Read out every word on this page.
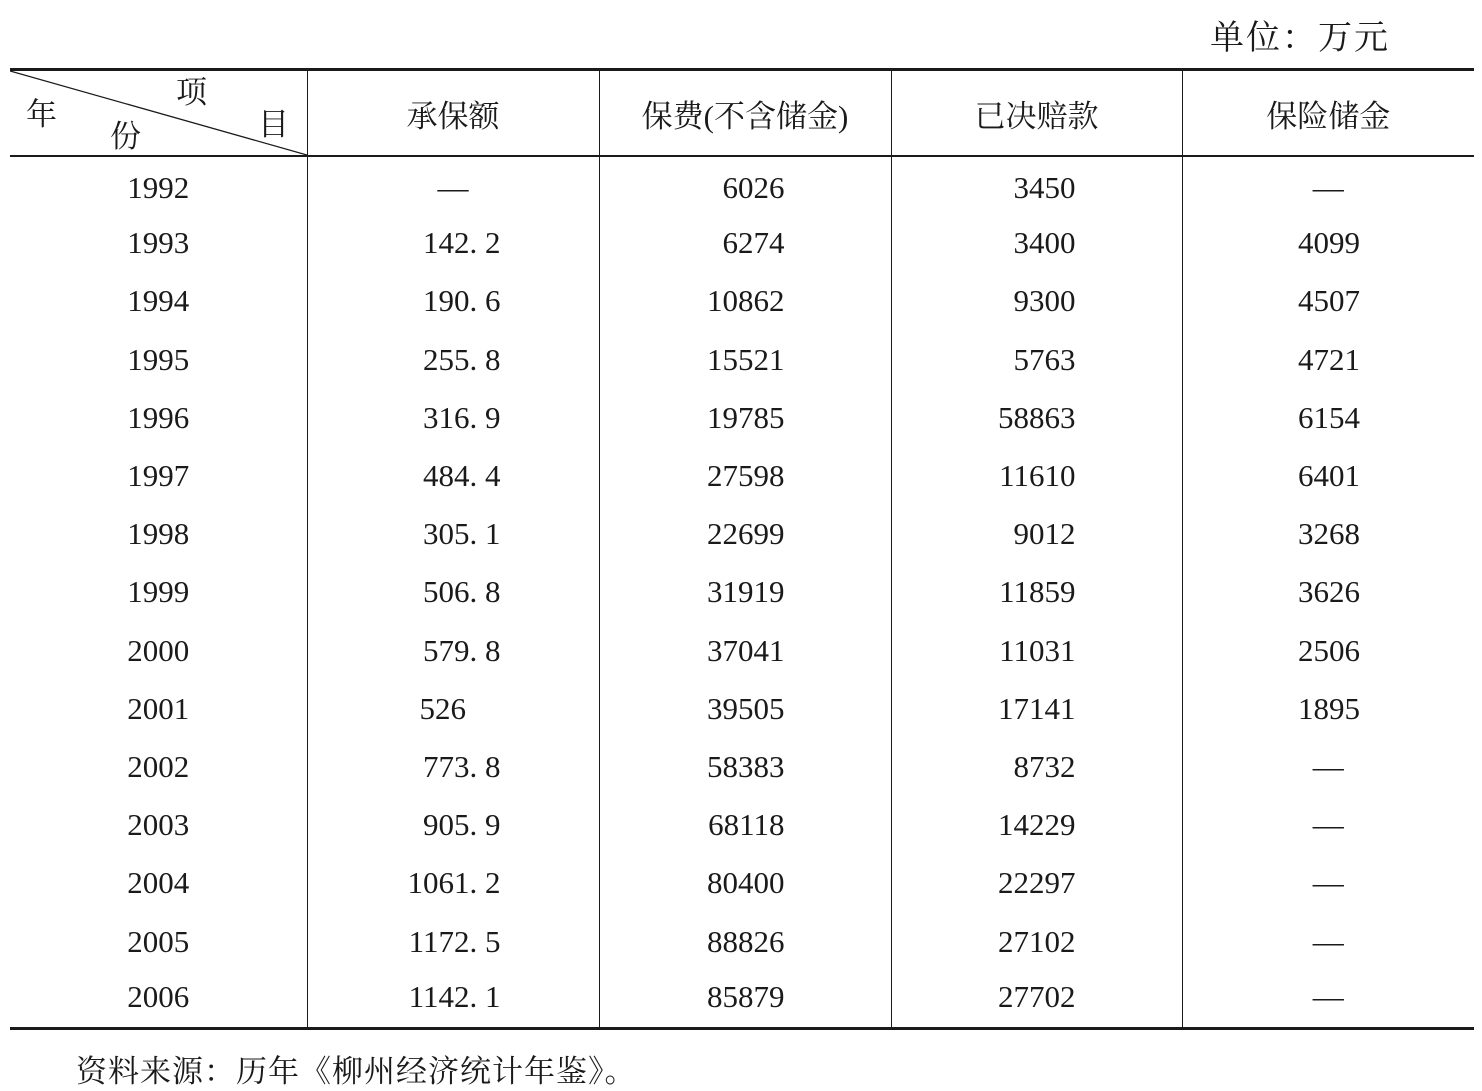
单位：万元
项
目
年
份	承保额	保费(不含储金)	已决赔款	保险储金
1992	—	6026	3450	—
1993	142. 2	6274	3400	4099
1994	190. 6	10862	9300	4507
1995	255. 8	15521	5763	4721
1996	316. 9	19785	58863	6154
1997	484. 4	27598	11610	6401
1998	305. 1	22699	9012	3268
1999	506. 8	31919	11859	3626
2000	579. 8	37041	11031	2506
2001	526	39505	17141	1895
2002	773. 8	58383	8732	—
2003	905. 9	68118	14229	—
2004	1061. 2	80400	22297	—
2005	1172. 5	88826	27102	—
2006	1142. 1	85879	27702	—
资料来源：历年《柳州经济统计年鉴》。
